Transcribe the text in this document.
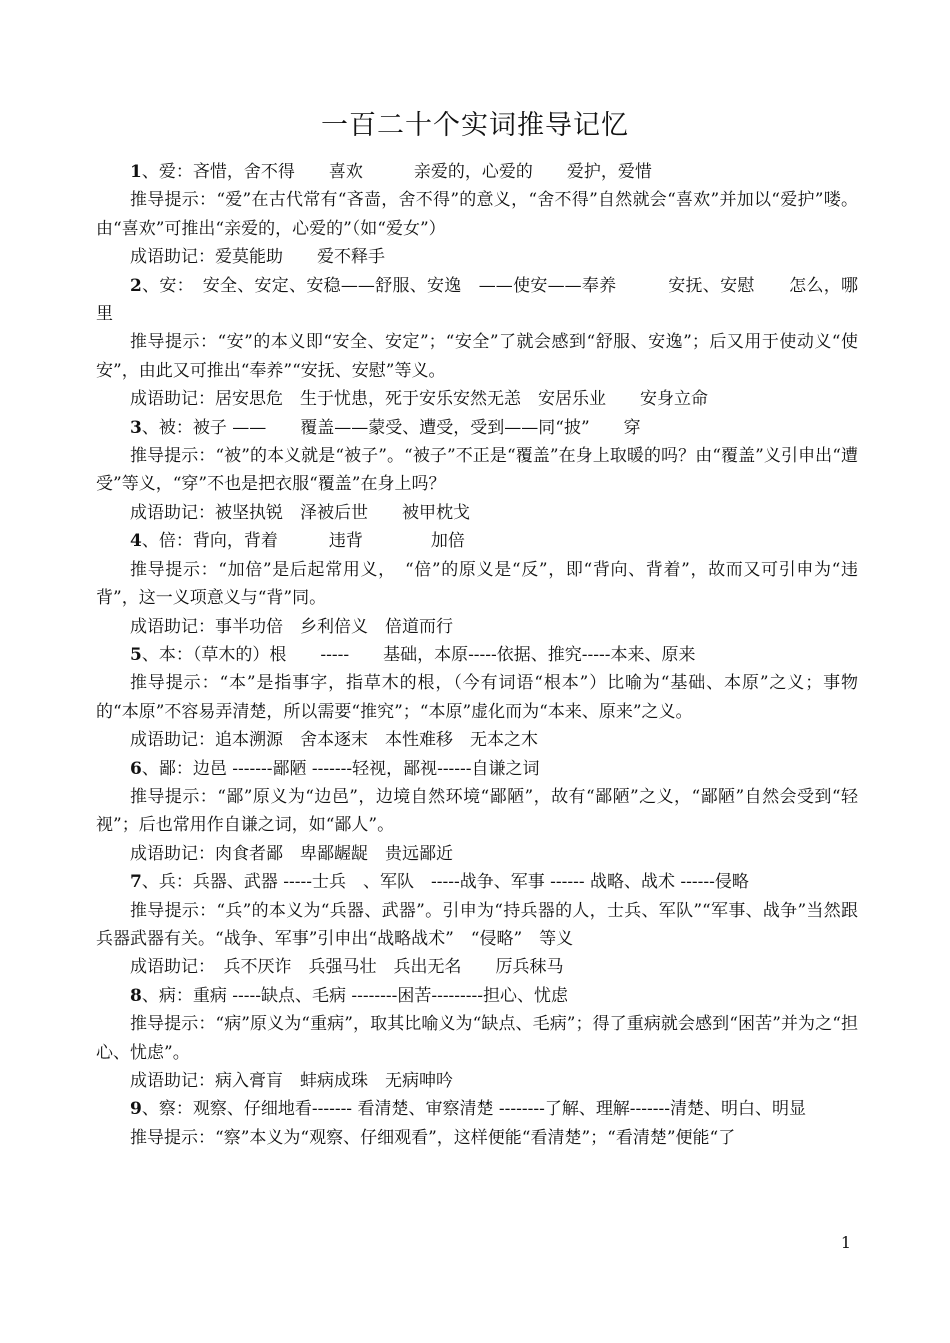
一百二十个实词推导记忆

1、爱：吝惜，舍不得　　喜欢　　　亲爱的，心爱的　　爱护，爱惜

推导提示：“爱”在古代常有“吝啬，舍不得”的意义，“舍不得”自然就会“喜欢”并加以“爱护”喽。由“喜欢”可推出“亲爱的，心爱的”（如“爱女”）

成语助记：爱莫能助　　爱不释手

2、安：　安全、安定、安稳——舒服、安逸　——使安——奉养　　　安抚、安慰　　怎么，哪里

推导提示：“安”的本义即“安全、安定”；“安全”了就会感到“舒服、安逸”；后又用于使动义“使安”，由此又可推出“奉养”“安抚、安慰”等义。

成语助记：居安思危　生于忧患，死于安乐安然无恙　安居乐业　　安身立命

3、被：被子 ——　　覆盖——蒙受、遭受，受到——同“披”　　穿

推导提示：“被”的本义就是“被子”。“被子”不正是“覆盖”在身上取暖的吗？由“覆盖”义引申出“遭受”等义，“穿”不也是把衣服“覆盖”在身上吗？

成语助记：被坚执锐　泽被后世　　被甲枕戈

4、倍：背向，背着　　　违背　　　　加倍

推导提示：“加倍”是后起常用义，　“倍”的原义是“反”，即“背向、背着”，故而又可引申为“违背”，这一义项意义与“背”同。

成语助记：事半功倍　乡利倍义　倍道而行

5、本：（草木的）根　　-----　　基础，本原-----依据、推究-----本来、原来

推导提示：“本”是指事字，指草木的根，（今有词语“根本”）比喻为“基础、本原”之义；事物的“本原”不容易弄清楚，所以需要“推究”；“本原”虚化而为“本来、原来”之义。

成语助记：追本溯源　舍本逐末　本性难移　无本之木

6、鄙：边邑 -------鄙陋 -------轻视，鄙视------自谦之词

推导提示：“鄙”原义为“边邑”，边境自然环境“鄙陋”，故有“鄙陋”之义，“鄙陋”自然会受到“轻视”；后也常用作自谦之词，如“鄙人”。

成语助记：肉食者鄙　卑鄙龌龊　贵远鄙近

7、兵：兵器、武器 -----士兵　、军队　-----战争、军事 ------ 战略、战术 ------侵略

推导提示：“兵”的本义为“兵器、武器”。引申为“持兵器的人，士兵、军队”“军事、战争”当然跟兵器武器有关。“战争、军事”引申出“战略战术”　“侵略”　等义

成语助记：　兵不厌诈　兵强马壮　兵出无名　　厉兵秣马

8、病：重病 -----缺点、毛病 --------困苦---------担心、忧虑

推导提示：“病”原义为“重病”，取其比喻义为“缺点、毛病”；得了重病就会感到“困苦”并为之“担心、忧虑”。

成语助记：病入膏肓　蚌病成珠　无病呻吟

9、察：观察、仔细地看------- 看清楚、审察清楚 --------了解、理解-------清楚、明白、明显

推导提示：“察”本义为“观察、仔细观看”，这样便能“看清楚”；“看清楚”便能“了

1
